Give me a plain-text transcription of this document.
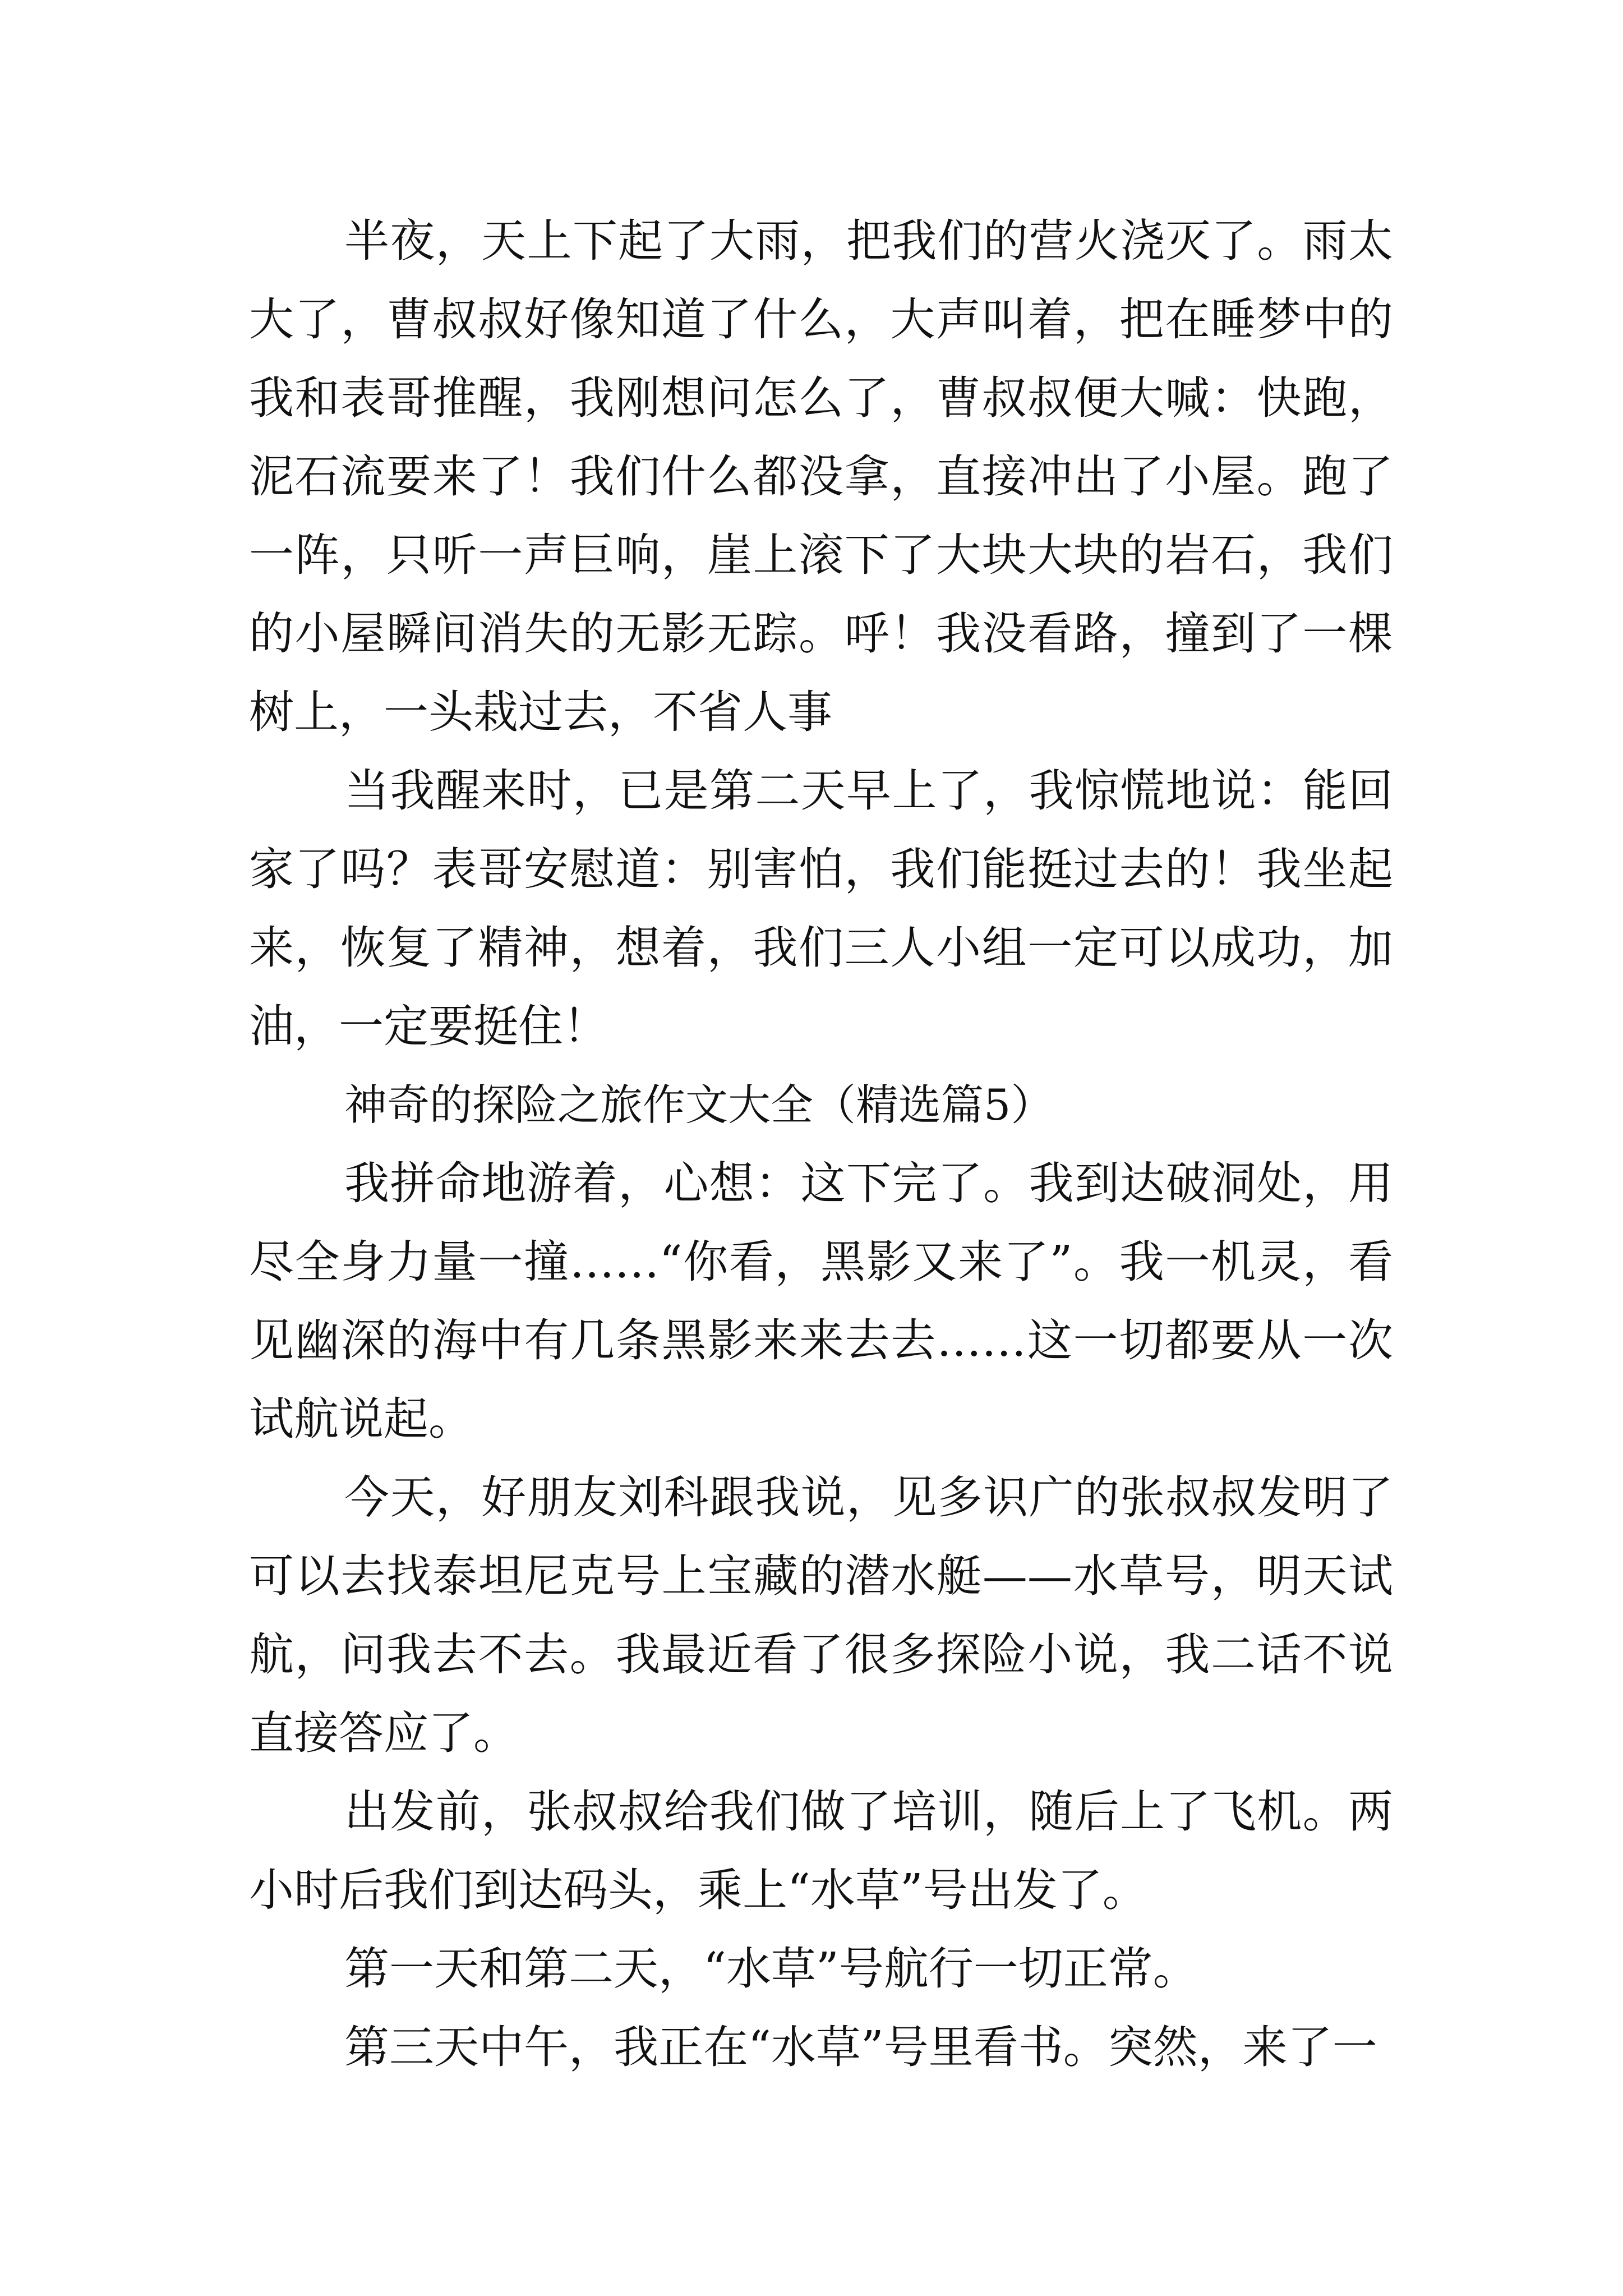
半夜，天上下起了大雨，把我们的营火浇灭了。雨太大了，曹叔叔好像知道了什么，大声叫着，把在睡梦中的我和表哥推醒，我刚想问怎么了，曹叔叔便大喊：快跑，泥石流要来了！我们什么都没拿，直接冲出了小屋。跑了一阵，只听一声巨响，崖上滚下了大块大块的岩石，我们的小屋瞬间消失的无影无踪。呼！我没看路，撞到了一棵树上，一头栽过去，不省人事

当我醒来时，已是第二天早上了，我惊慌地说：能回家了吗？表哥安慰道：别害怕，我们能挺过去的！我坐起来，恢复了精神，想着，我们三人小组一定可以成功，加油，一定要挺住！

神奇的探险之旅作文大全（精选篇5）

我拼命地游着，心想：这下完了。我到达破洞处，用尽全身力量一撞……“你看，黑影又来了”。我一机灵，看见幽深的海中有几条黑影来来去去……这一切都要从一次试航说起。

今天，好朋友刘科跟我说，见多识广的张叔叔发明了可以去找泰坦尼克号上宝藏的潜水艇——水草号，明天试航，问我去不去。我最近看了很多探险小说，我二话不说直接答应了。

出发前，张叔叔给我们做了培训，随后上了飞机。两小时后我们到达码头，乘上“水草”号出发了。

第一天和第二天，“水草”号航行一切正常。

第三天中午，我正在“水草”号里看书。突然，来了一
